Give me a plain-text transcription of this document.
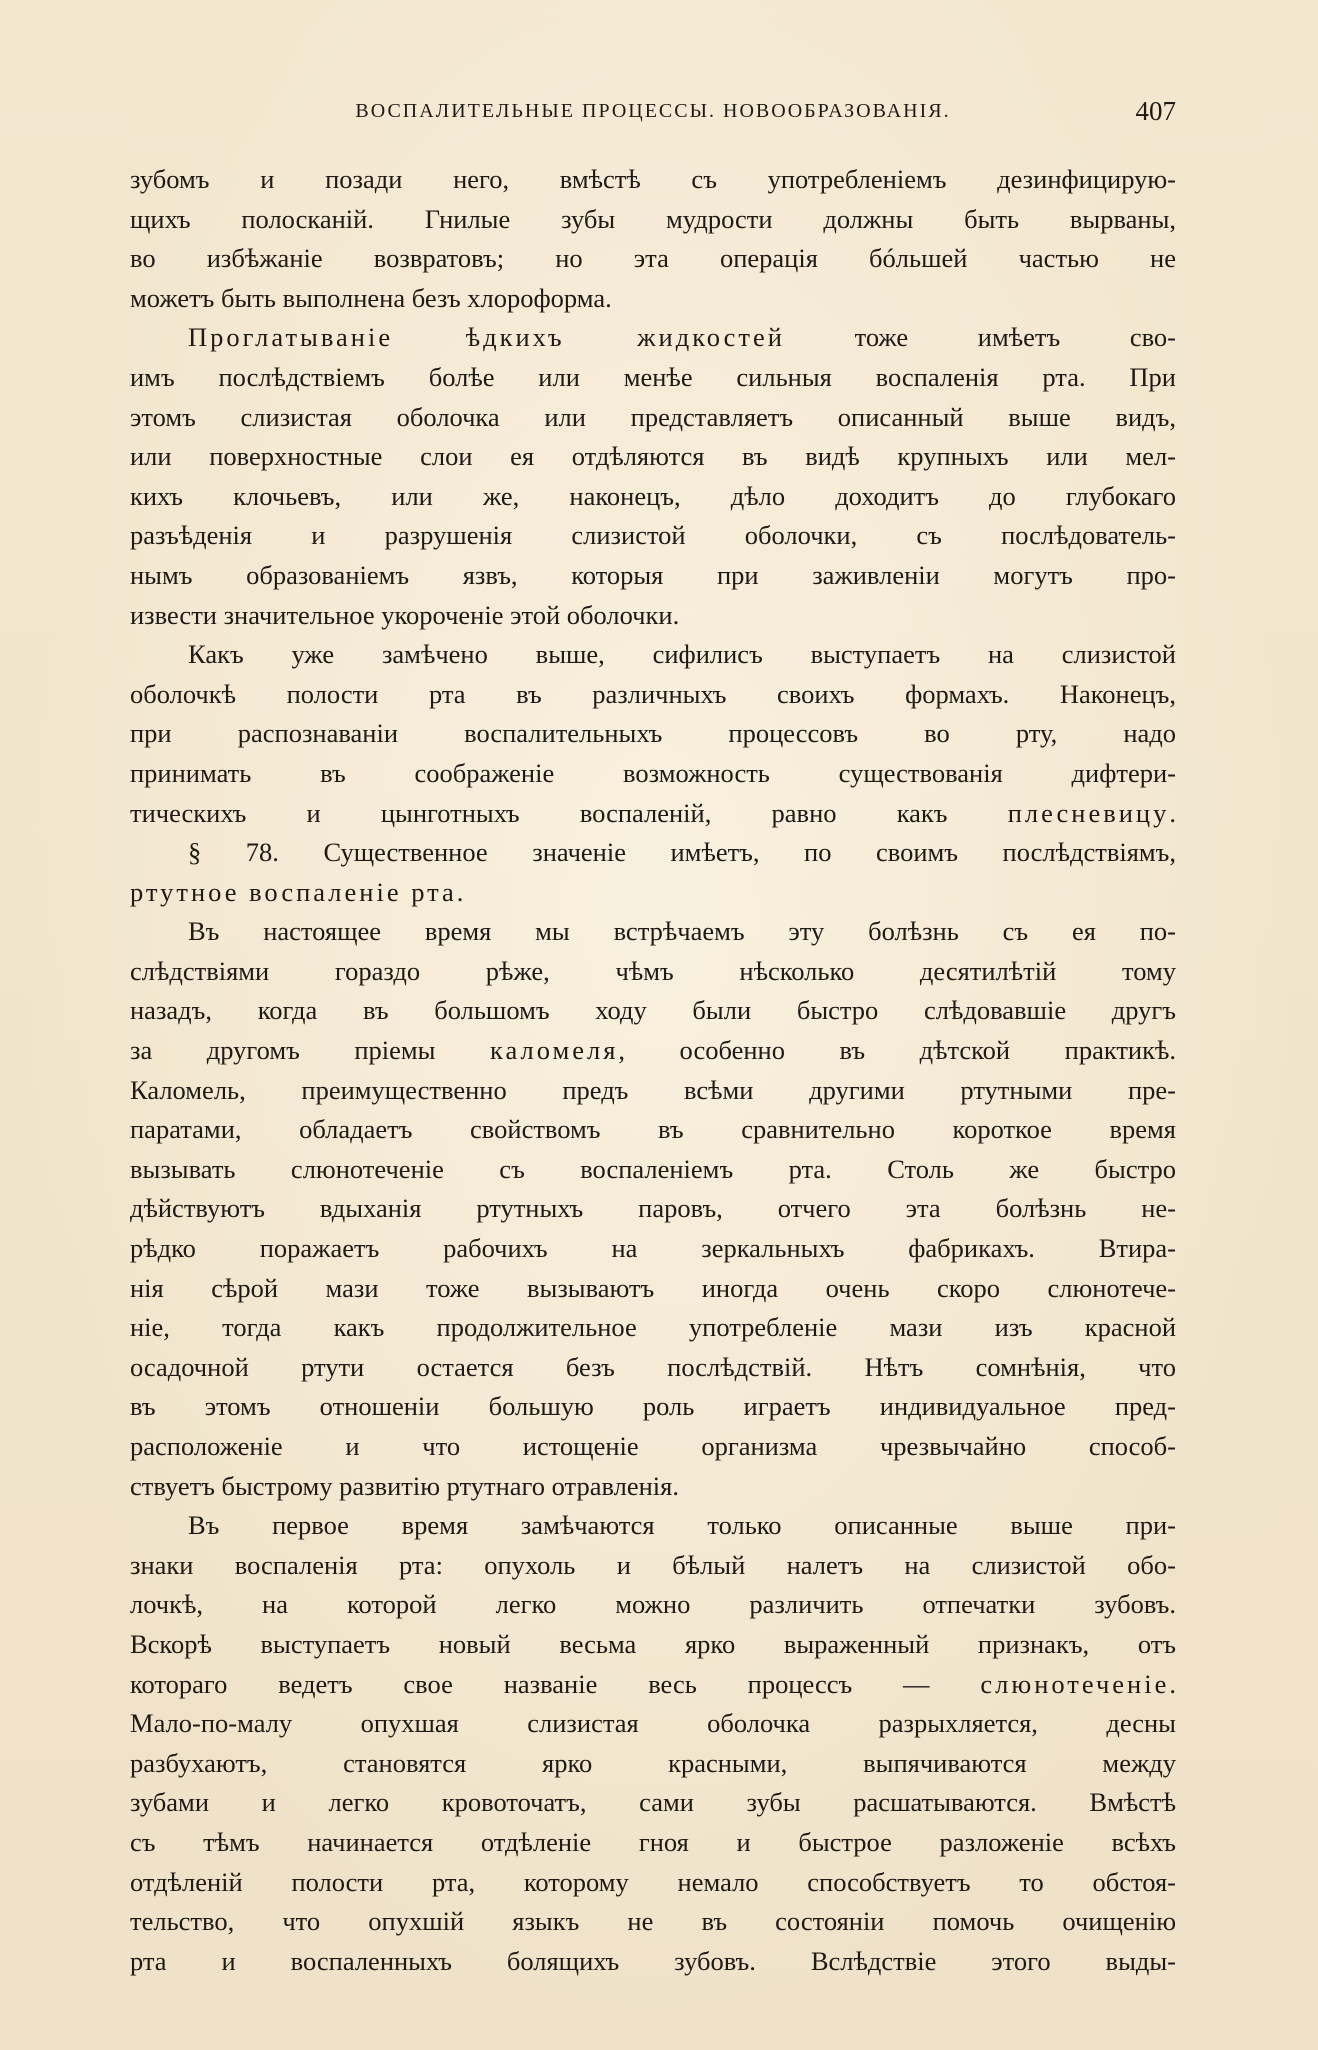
ВОСПАЛИТЕЛЬНЫЕ ПРОЦЕССЫ. НОВООБРАЗОВАНIЯ.	407

зубомъ и позади него, вмѣстѣ съ употребленiемъ дезинфицирую-

щихъ полосканiй. Гнилые зубы мудрости должны быть вырваны,

во избѣжанiе возвратовъ; но эта операцiя бóльшей частью не

можетъ быть выполнена безъ хлороформа.

Проглатыванiе ѣдкихъ жидкостей тоже имѣетъ сво-

имъ послѣдствiемъ болѣе или менѣе сильныя воспаленiя рта. При

этомъ слизистая оболочка или представляетъ описанный выше видъ,

или поверхностные слои ея отдѣляются въ видѣ крупныхъ или мел-

кихъ клочьевъ, или же, наконецъ, дѣло доходитъ до глубокаго

разъѣденiя и разрушенiя слизистой оболочки, съ послѣдователь-

нымъ образованiемъ язвъ, которыя при заживленiи могутъ про-

извести значительное укороченiе этой оболочки.

Какъ уже замѣчено выше, сифилисъ выступаетъ на слизистой

оболочкѣ полости рта въ различныхъ своихъ формахъ. Наконецъ,

при распознаванiи воспалительныхъ процессовъ во рту, надо

принимать въ соображенiе возможность существованiя дифтери-

тическихъ и цынготныхъ воспаленiй, равно какъ плесневицу.

§ 78. Существенное значенiе имѣетъ, по своимъ послѣдствiямъ,

ртутное воспаленiе рта.

Въ настоящее время мы встрѣчаемъ эту болѣзнь съ ея по-

слѣдствiями гораздо рѣже, чѣмъ нѣсколько десятилѣтiй тому

назадъ, когда въ большомъ ходу были быстро слѣдовавшiе другъ

за другомъ прiемы каломеля, особенно въ дѣтской практикѣ.

Каломель, преимущественно предъ всѣми другими ртутными пре-

паратами, обладаетъ свойствомъ въ сравнительно короткое время

вызывать слюнотеченiе съ воспаленiемъ рта. Столь же быстро

дѣйствуютъ вдыханiя ртутныхъ паровъ, отчего эта болѣзнь не-

рѣдко поражаетъ рабочихъ на зеркальныхъ фабрикахъ. Втира-

нiя сѣрой мази тоже вызываютъ иногда очень скоро слюнотече-

нiе, тогда какъ продолжительное употребленiе мази изъ красной

осадочной ртути остается безъ послѣдствiй. Нѣтъ сомнѣнiя, что

въ этомъ отношенiи большую роль играетъ индивидуальное пред-

расположенiе и что истощенiе организма чрезвычайно способ-

ствуетъ быстрому развитiю ртутнаго отравленiя.

Въ первое время замѣчаются только описанные выше при-

знаки воспаленiя рта: опухоль и бѣлый налетъ на слизистой обо-

лочкѣ, на которой легко можно различить отпечатки зубовъ.

Вскорѣ выступаетъ новый весьма ярко выраженный признакъ, отъ

котораго ведетъ свое названiе весь процессъ — слюнотеченiе.

Мало-по-малу опухшая слизистая оболочка разрыхляется, десны

разбухаютъ, становятся ярко красными, выпячиваются между

зубами и легко кровоточатъ, сами зубы расшатываются. Вмѣстѣ

съ тѣмъ начинается отдѣленiе гноя и быстрое разложенiе всѣхъ

отдѣленiй полости рта, которому немало способствуетъ то обстоя-

тельство, что опухшiй языкъ не въ состоянiи помочь очищенiю

рта и воспаленныхъ болящихъ зубовъ. Вслѣдствiе этого выды-
